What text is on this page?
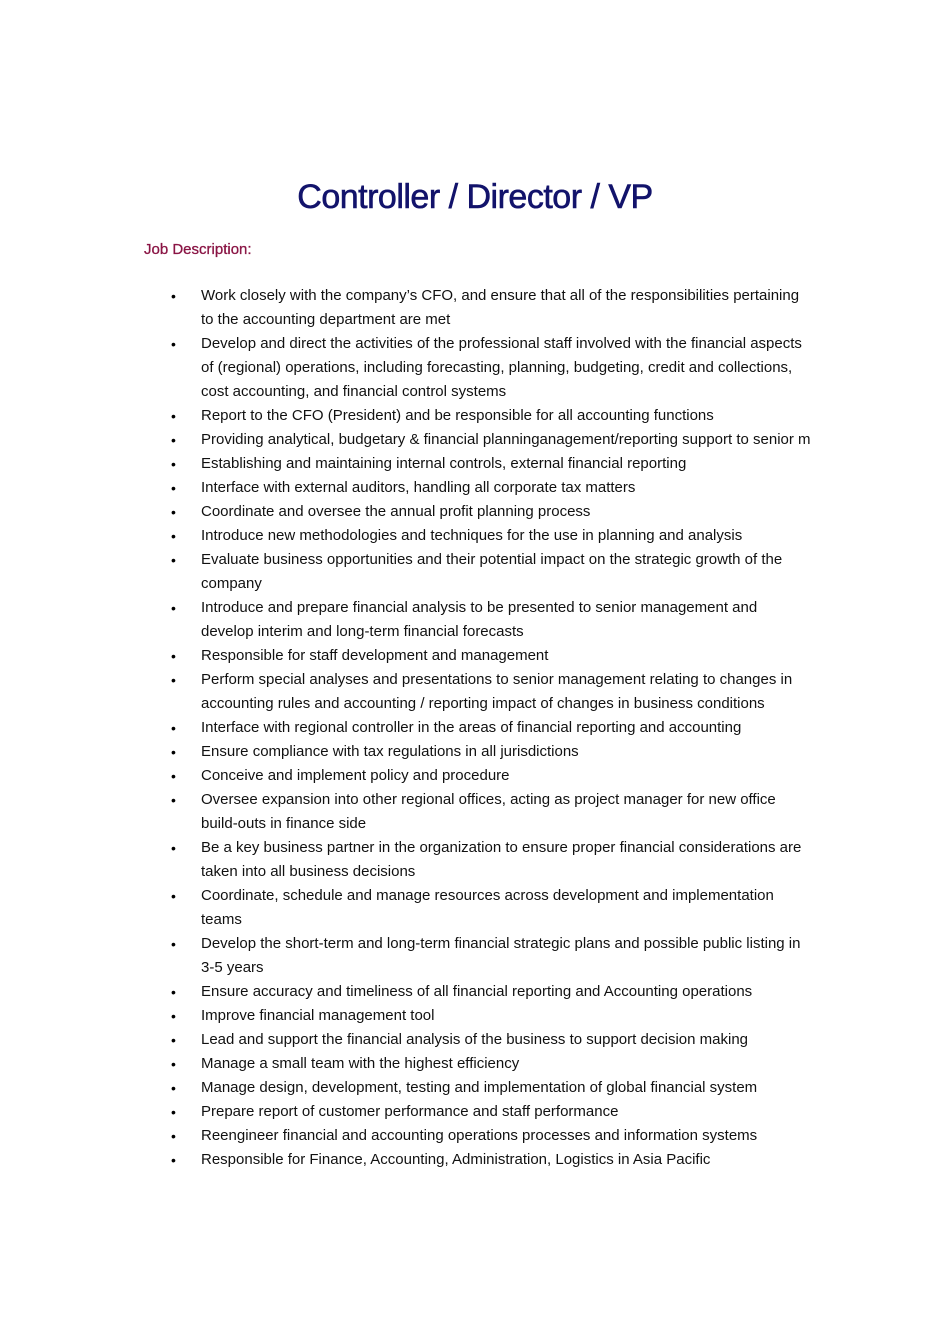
Controller / Director / VP
Job Description:
• Work closely with the company’s CFO, and ensure that all of the responsibilities pertaining to the accounting department are met
• Develop and direct the activities of the professional staff involved with the financial aspects of (regional) operations, including forecasting, planning, budgeting, credit and collections, cost accounting, and financial control systems
• Report to the CFO (President) and be responsible for all accounting functions
• Providing analytical, budgetary & financial planninganagement/reporting support to senior m
• Establishing and maintaining internal controls, external financial reporting
• Interface with external auditors, handling all corporate tax matters
• Coordinate and oversee the annual profit planning process
• Introduce new methodologies and techniques for the use in planning and analysis
• Evaluate business opportunities and their potential impact on the strategic growth of the company
• Introduce and prepare financial analysis to be presented to senior management and develop interim and long-term financial forecasts
• Responsible for staff development and management
• Perform special analyses and presentations to senior management relating to changes in accounting rules and accounting / reporting impact of changes in business conditions
• Interface with regional controller in the areas of financial reporting and accounting
• Ensure compliance with tax regulations in all jurisdictions
• Conceive and implement policy and procedure
• Oversee expansion into other regional offices, acting as project manager for new office build-outs in finance side
• Be a key business partner in the organization to ensure proper financial considerations are taken into all business decisions
• Coordinate, schedule and manage resources across development and implementation teams
• Develop the short-term and long-term financial strategic plans and possible public listing in 3-5 years
• Ensure accuracy and timeliness of all financial reporting and Accounting operations
• Improve financial management tool
• Lead and support the financial analysis of the business to support decision making
• Manage a small team with the highest efficiency
• Manage design, development, testing and implementation of global financial system
• Prepare report of customer performance and staff performance
• Reengineer financial and accounting operations processes and information systems
• Responsible for Finance, Accounting, Administration, Logistics in Asia Pacific
